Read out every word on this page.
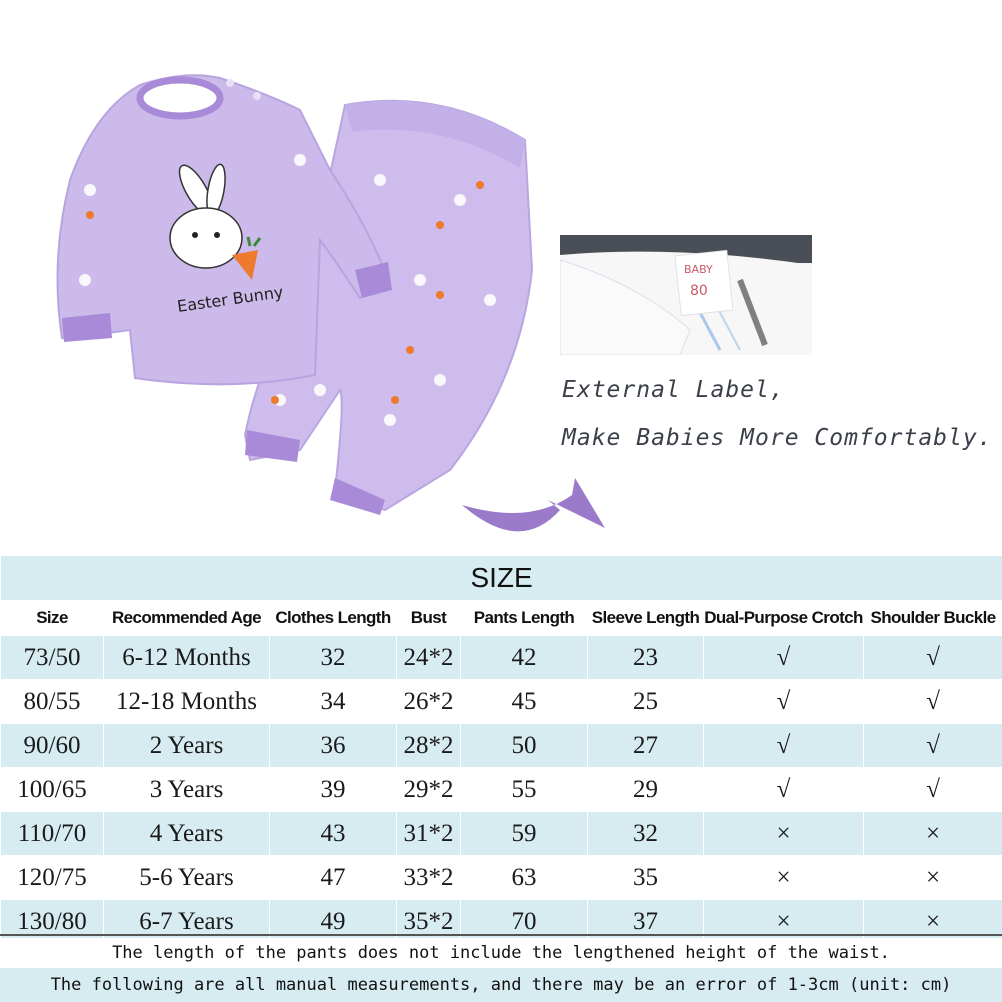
Easter Bunny
BABY
80
External Label,
Make Babies More Comfortably.
SIZE							
Size	Recommended Age	Clothes Length	Bust	Pants Length	Sleeve Length	Dual-Purpose Crotch	Shoulder Buckle
73/50	6-12 Months	32	24*2	42	23	√	√
80/55	12-18 Months	34	26*2	45	25	√	√
90/60	2 Years	36	28*2	50	27	√	√
100/65	3 Years	39	29*2	55	29	√	√
110/70	4 Years	43	31*2	59	32	×	×
120/75	5-6 Years	47	33*2	63	35	×	×
130/80	6-7 Years	49	35*2	70	37	×	×
The length of the pants does not include the lengthened height of the waist.
The following are all manual measurements, and there may be an error of 1-3cm (unit: cm)
